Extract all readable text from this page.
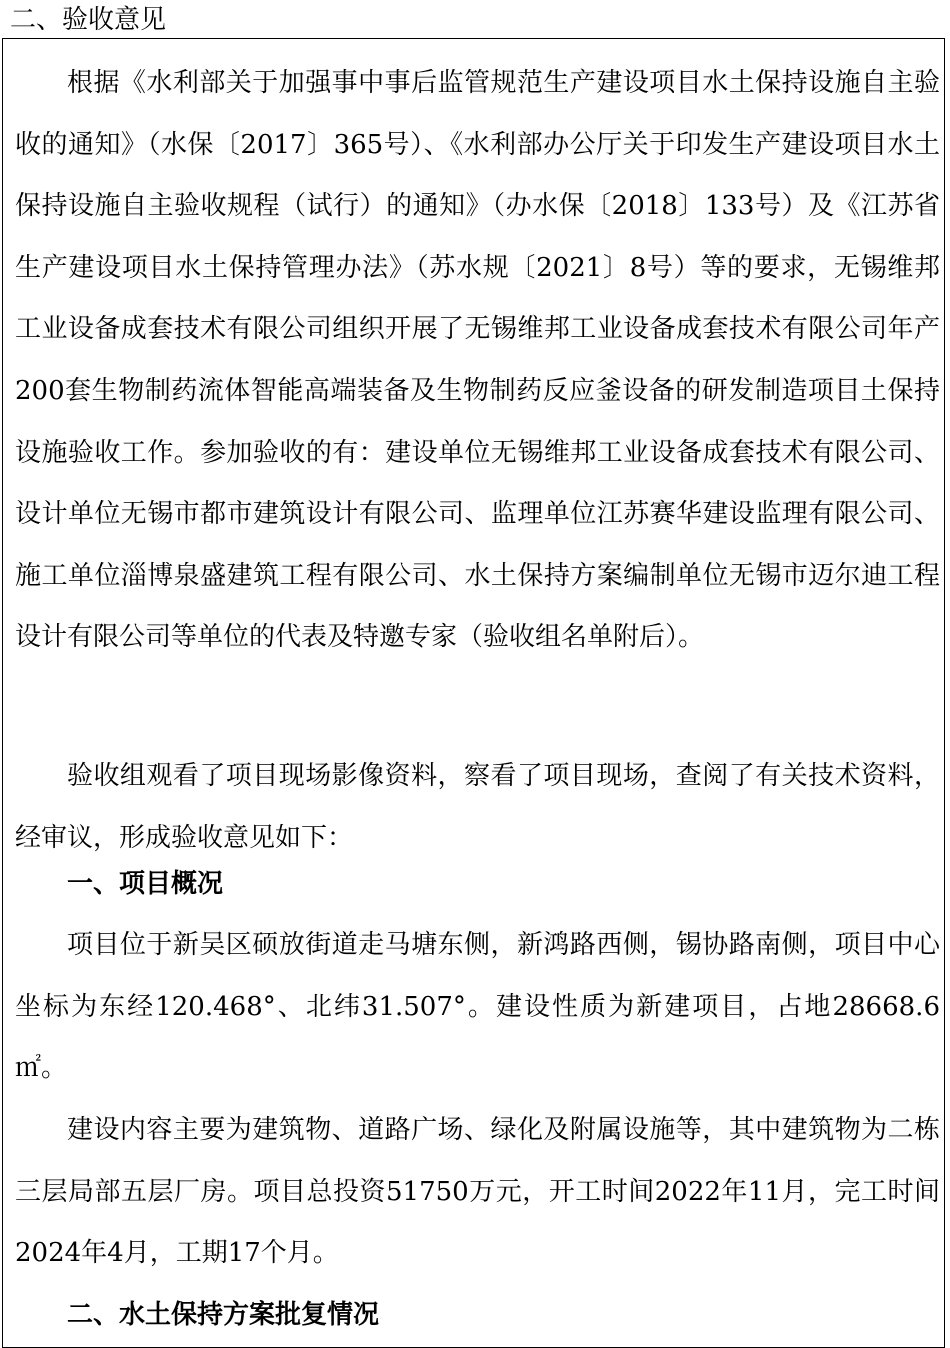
二、验收意见

根据《水利部关于加强事中事后监管规范生产建设项目水土保持设施自主验收的通知》（水保〔2017〕365号）、《水利部办公厅关于印发生产建设项目水土保持设施自主验收规程（试行）的通知》（办水保〔2018〕133号）及《江苏省生产建设项目水土保持管理办法》（苏水规〔2021〕8号）等的要求，无锡维邦工业设备成套技术有限公司组织开展了无锡维邦工业设备成套技术有限公司年产200套生物制药流体智能高端装备及生物制药反应釜设备的研发制造项目土保持设施验收工作。参加验收的有：建设单位无锡维邦工业设备成套技术有限公司、设计单位无锡市都市建筑设计有限公司、监理单位江苏赛华建设监理有限公司、施工单位淄博泉盛建筑工程有限公司、水土保持方案编制单位无锡市迈尔迪工程设计有限公司等单位的代表及特邀专家（验收组名单附后）。

验收组观看了项目现场影像资料，察看了项目现场，查阅了有关技术资料，经审议，形成验收意见如下：

一、项目概况

项目位于新吴区硕放街道走马塘东侧，新鸿路西侧，锡协路南侧，项目中心坐标为东经120.468°、北纬31.507°。建设性质为新建项目，占地28668.6㎡。

建设内容主要为建筑物、道路广场、绿化及附属设施等，其中建筑物为二栋三层局部五层厂房。项目总投资51750万元，开工时间2022年11月，完工时间2024年4月，工期17个月。

二、水土保持方案批复情况
